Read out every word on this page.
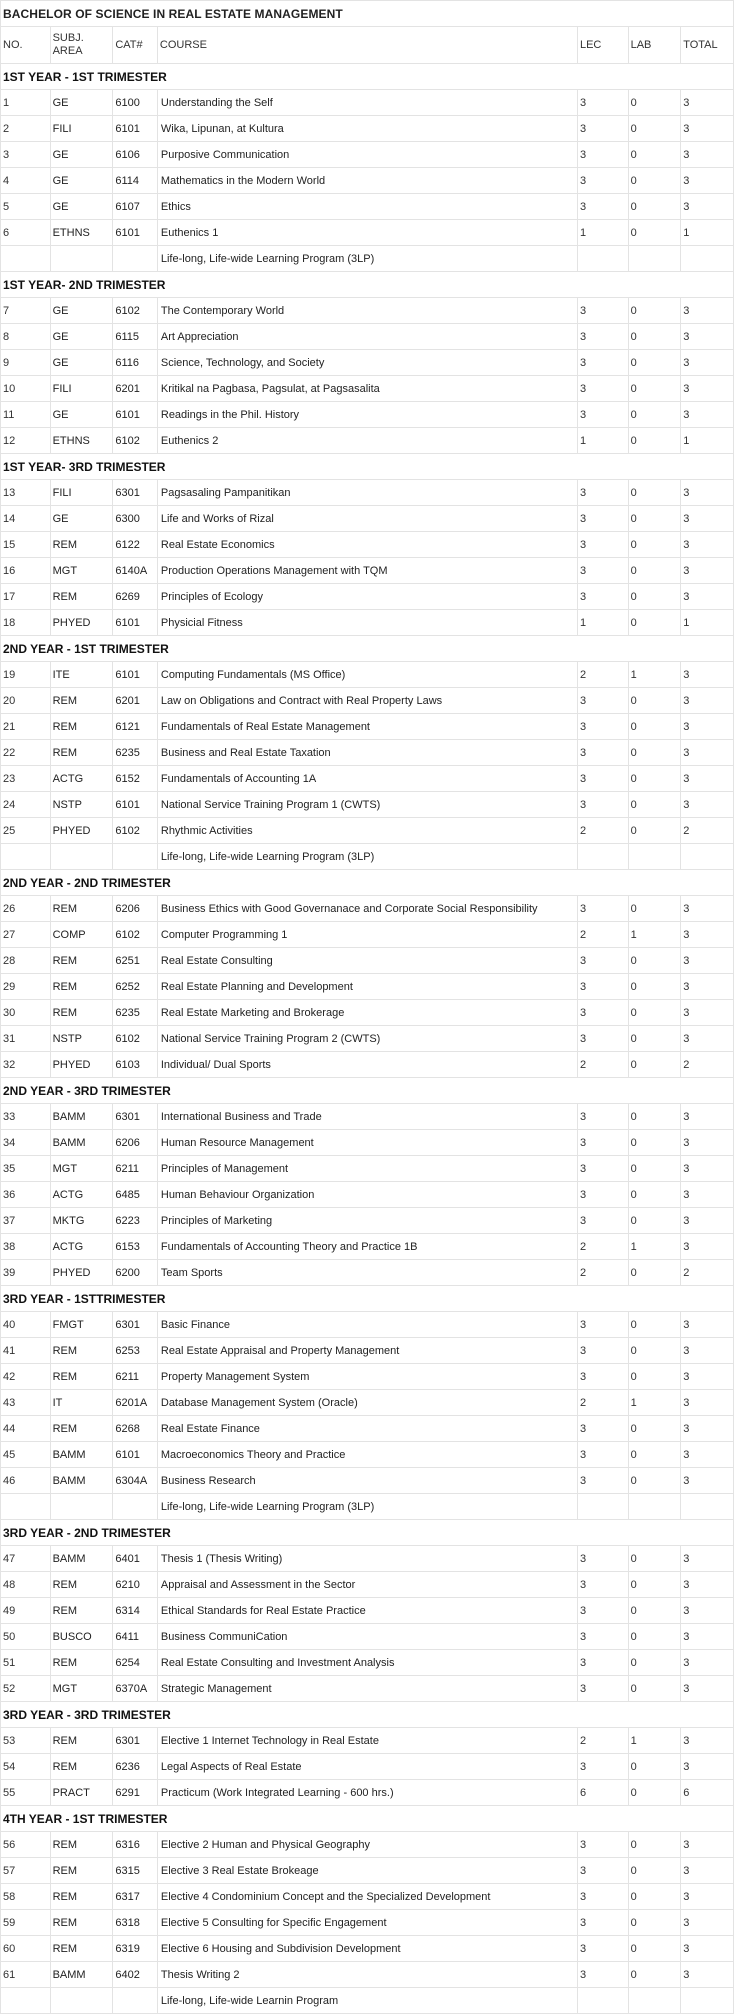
BACHELOR OF SCIENCE IN REAL ESTATE MANAGEMENT						
NO.	SUBJ. AREA	CAT#	COURSE	LEC	LAB	TOTAL
1ST YEAR - 1ST TRIMESTER						
1	GE	6100	Understanding the Self	3	0	3
2	FILI	6101	Wika, Lipunan, at Kultura	3	0	3
3	GE	6106	Purposive Communication	3	0	3
4	GE	6114	Mathematics in the Modern World	3	0	3
5	GE	6107	Ethics	3	0	3
6	ETHNS	6101	Euthenics 1	1	0	1
			Life-long, Life-wide Learning Program (3LP)			
1ST YEAR- 2ND TRIMESTER						
7	GE	6102	The Contemporary World	3	0	3
8	GE	6115	Art Appreciation	3	0	3
9	GE	6116	Science, Technology, and Society	3	0	3
10	FILI	6201	Kritikal na Pagbasa, Pagsulat, at Pagsasalita	3	0	3
11	GE	6101	Readings in the Phil. History	3	0	3
12	ETHNS	6102	Euthenics 2	1	0	1
1ST YEAR- 3RD TRIMESTER						
13	FILI	6301	Pagsasaling Pampanitikan	3	0	3
14	GE	6300	Life and Works of Rizal	3	0	3
15	REM	6122	Real Estate Economics	3	0	3
16	MGT	6140A	Production Operations Management with TQM	3	0	3
17	REM	6269	Principles of Ecology	3	0	3
18	PHYED	6101	Physicial Fitness	1	0	1
2ND YEAR - 1ST TRIMESTER						
19	ITE	6101	Computing Fundamentals (MS Office)	2	1	3
20	REM	6201	Law on Obligations and Contract with Real Property Laws	3	0	3
21	REM	6121	Fundamentals of Real Estate Management	3	0	3
22	REM	6235	Business and Real Estate Taxation	3	0	3
23	ACTG	6152	Fundamentals of Accounting 1A	3	0	3
24	NSTP	6101	National Service Training Program 1 (CWTS)	3	0	3
25	PHYED	6102	Rhythmic Activities	2	0	2
			Life-long, Life-wide Learning Program (3LP)			
2ND YEAR - 2ND TRIMESTER						
26	REM	6206	Business Ethics with Good Governanace and Corporate Social Responsibility	3	0	3
27	COMP	6102	Computer Programming 1	2	1	3
28	REM	6251	Real Estate Consulting	3	0	3
29	REM	6252	Real Estate Planning and Development	3	0	3
30	REM	6235	Real Estate Marketing and Brokerage	3	0	3
31	NSTP	6102	National Service Training Program 2 (CWTS)	3	0	3
32	PHYED	6103	Individual/ Dual Sports	2	0	2
2ND YEAR - 3RD TRIMESTER						
33	BAMM	6301	International Business and Trade	3	0	3
34	BAMM	6206	Human Resource Management	3	0	3
35	MGT	6211	Principles of Management	3	0	3
36	ACTG	6485	Human Behaviour Organization	3	0	3
37	MKTG	6223	Principles of Marketing	3	0	3
38	ACTG	6153	Fundamentals of Accounting Theory and Practice 1B	2	1	3
39	PHYED	6200	Team Sports	2	0	2
3RD YEAR - 1STTRIMESTER						
40	FMGT	6301	Basic Finance	3	0	3
41	REM	6253	Real Estate Appraisal and Property Management	3	0	3
42	REM	6211	Property Management System	3	0	3
43	IT	6201A	Database Management System (Oracle)	2	1	3
44	REM	6268	Real Estate Finance	3	0	3
45	BAMM	6101	Macroeconomics Theory and Practice	3	0	3
46	BAMM	6304A	Business Research	3	0	3
			Life-long, Life-wide Learning Program (3LP)			
3RD YEAR - 2ND TRIMESTER						
47	BAMM	6401	Thesis 1 (Thesis Writing)	3	0	3
48	REM	6210	Appraisal and Assessment in the Sector	3	0	3
49	REM	6314	Ethical Standards for Real Estate Practice	3	0	3
50	BUSCO	6411	Business CommuniCation	3	0	3
51	REM	6254	Real Estate Consulting and Investment Analysis	3	0	3
52	MGT	6370A	Strategic Management	3	0	3
3RD YEAR - 3RD TRIMESTER						
53	REM	6301	Elective 1 Internet Technology in Real Estate	2	1	3
54	REM	6236	Legal Aspects of Real Estate	3	0	3
55	PRACT	6291	Practicum (Work Integrated Learning - 600 hrs.)	6	0	6
4TH YEAR - 1ST TRIMESTER						
56	REM	6316	Elective 2 Human and Physical Geography	3	0	3
57	REM	6315	Elective 3 Real Estate Brokeage	3	0	3
58	REM	6317	Elective 4 Condominium Concept and the Specialized Development	3	0	3
59	REM	6318	Elective 5 Consulting for Specific Engagement	3	0	3
60	REM	6319	Elective 6 Housing and Subdivision Development	3	0	3
61	BAMM	6402	Thesis Writing 2	3	0	3
			Life-long, Life-wide Learnin Program			
